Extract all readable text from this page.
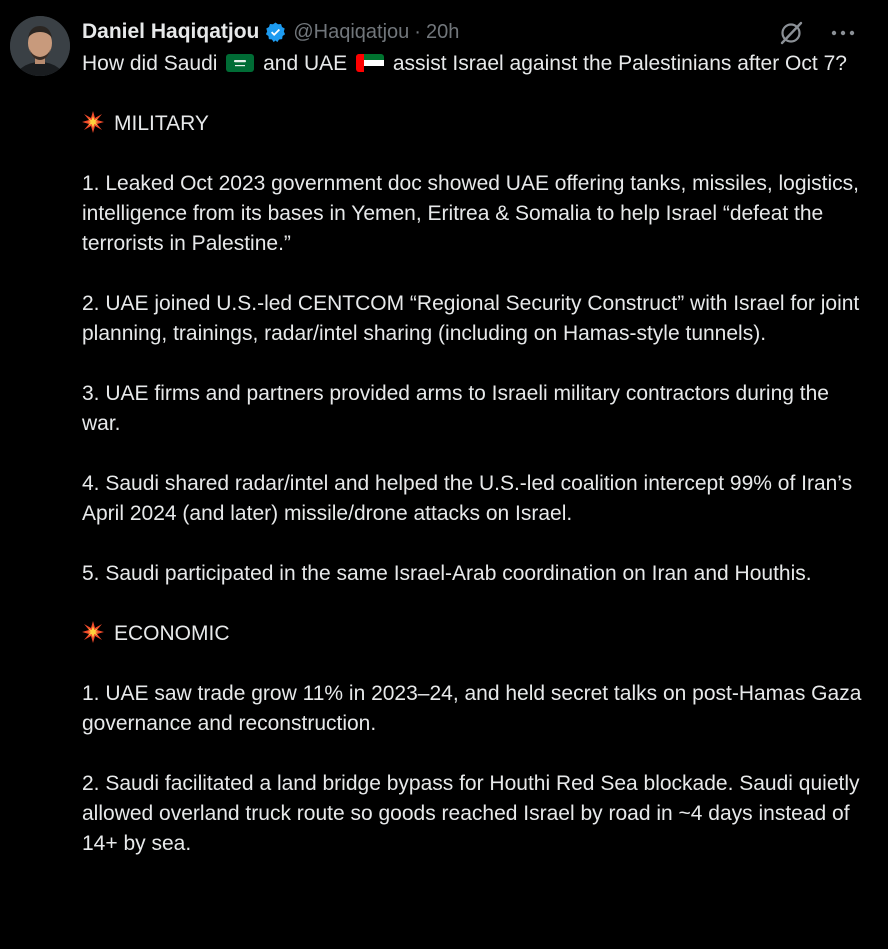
Daniel Haqiqatjou @Haqiqatjou · 20h

How did Saudi and UAE assist Israel against the Palestinians after Oct 7?

MILITARY

1. Leaked Oct 2023 government doc showed UAE offering tanks, missiles, logistics, intelligence from its bases in Yemen, Eritrea & Somalia to help Israel “defeat the terrorists in Palestine.”

2. UAE joined U.S.-led CENTCOM “Regional Security Construct” with Israel for joint planning, trainings, radar/intel sharing (including on Hamas-style tunnels).

3. UAE firms and partners provided arms to Israeli military contractors during the war.

4. Saudi shared radar/intel and helped the U.S.-led coalition intercept 99% of Iran’s April 2024 (and later) missile/drone attacks on Israel.

5. Saudi participated in the same Israel-Arab coordination on Iran and Houthis.

ECONOMIC

1. UAE saw trade grow 11% in 2023–24, and held secret talks on post-Hamas Gaza governance and reconstruction.

2. Saudi facilitated a land bridge bypass for Houthi Red Sea blockade. Saudi quietly allowed overland truck route so goods reached Israel by road in ~4 days instead of 14+ by sea.
